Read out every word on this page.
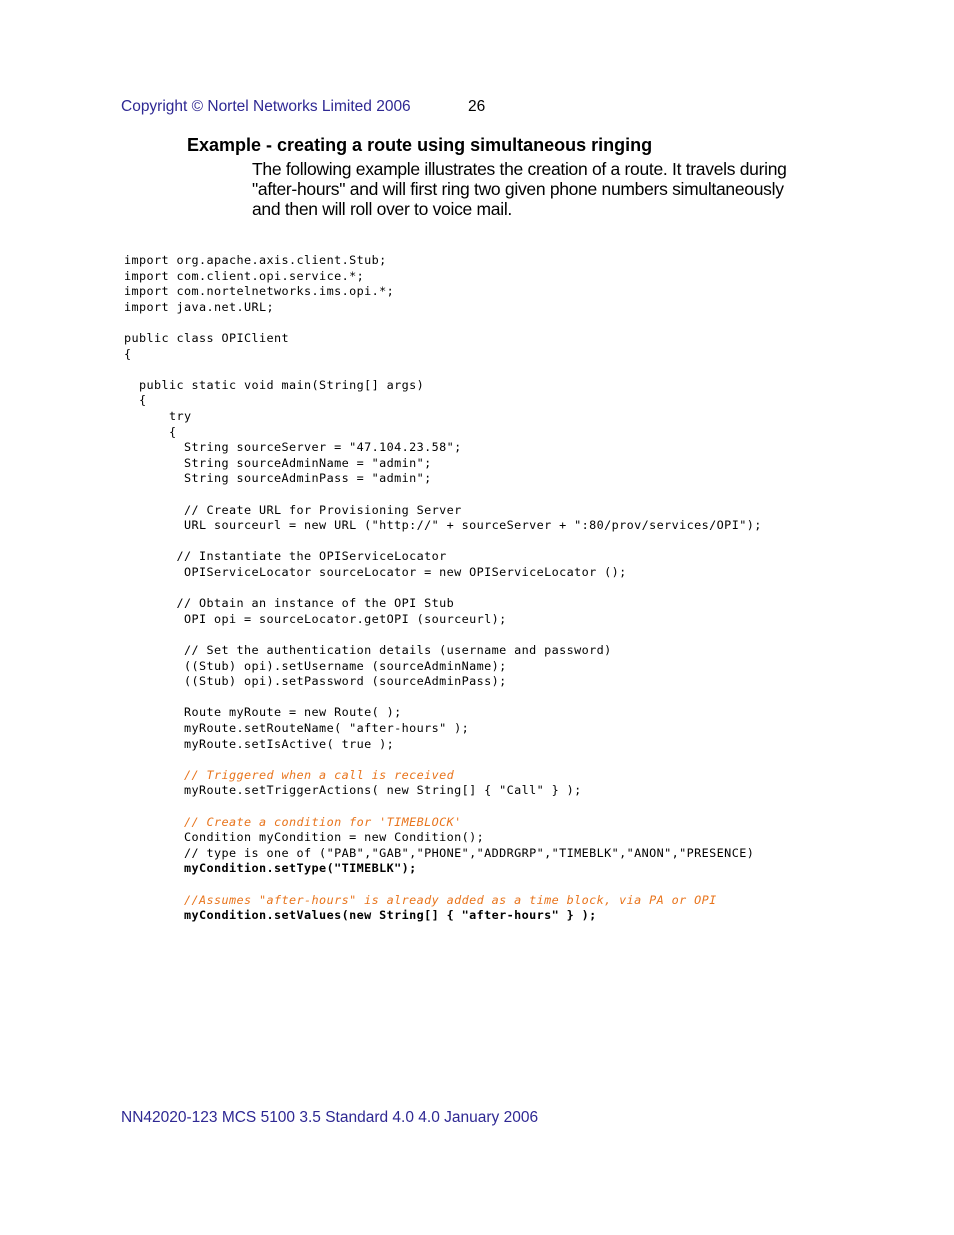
Copyright © Nortel Networks Limited 2006	26
Example - creating a route using simultaneous ringing
The following example illustrates the creation of a route. It travels during
"after-hours" and will first ring two given phone numbers simultaneously
and then will roll over to voice mail.
import org.apache.axis.client.Stub;
import com.client.opi.service.*;
import com.nortelnetworks.ims.opi.*;
import java.net.URL;
public class OPIClient
{
public static void main(String[] args)
{
try
{
String sourceServer = "47.104.23.58";
String sourceAdminName = "admin";
String sourceAdminPass = "admin";
// Create URL for Provisioning Server
URL sourceurl = new URL ("http://" + sourceServer + ":80/prov/services/OPI");
// Instantiate the OPIServiceLocator
OPIServiceLocator sourceLocator = new OPIServiceLocator ();
// Obtain an instance of the OPI Stub
OPI opi = sourceLocator.getOPI (sourceurl);
// Set the authentication details (username and password)
((Stub) opi).setUsername (sourceAdminName);
((Stub) opi).setPassword (sourceAdminPass);
Route myRoute = new Route( );
myRoute.setRouteName( "after-hours" );
myRoute.setIsActive( true );
// Triggered when a call is received
myRoute.setTriggerActions( new String[] { "Call" } );
// Create a condition for 'TIMEBLOCK'
Condition myCondition = new Condition();
// type is one of ("PAB","GAB","PHONE","ADDRGRP","TIMEBLK","ANON","PRESENCE)
myCondition.setType("TIMEBLK");
//Assumes "after-hours" is already added as a time block, via PA or OPI
myCondition.setValues(new String[] { "after-hours" } );
NN42020-123 MCS 5100 3.5 Standard 4.0 4.0 January 2006
